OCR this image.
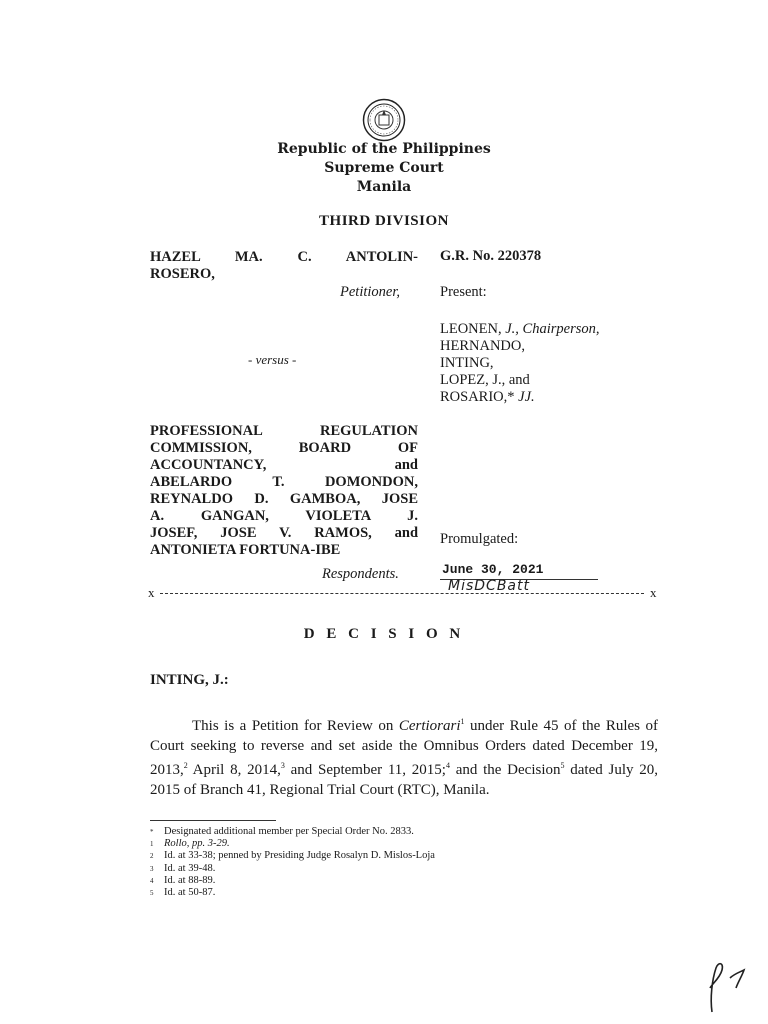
Republic of the Philippines
Supreme Court
Manila
THIRD DIVISION
HAZEL MA. C. ANTOLIN-
ROSERO,
Petitioner,
- versus -
PROFESSIONAL	REGULATION
COMMISSION,	BOARD	OF
ACCOUNTANCY,	and
ABELARDO	T.	DOMONDON,
REYNALDO D. GAMBOA, JOSE
A.	GANGAN,	VIOLETA	J.
JOSEF, JOSE V. RAMOS, and
ANTONIETA FORTUNA-IBE
Respondents.
G.R. No. 220378
Present:
LEONEN, J., Chairperson,
HERNANDO,
INTING,
LOPEZ, J., and
ROSARIO,* JJ.
Promulgated:
June 30, 2021
MisDCBatt
x	x
D E C I S I O N
INTING, J.:
This is a Petition for Review on Certiorari$^1$ under Rule 45 of the Rules of Court seeking to reverse and set aside the Omnibus Orders dated December 19, 2013,$^2$ April 8, 2014,$^3$ and September 11, 2015;$^4$ and the Decision$^5$ dated July 20, 2015 of Branch 41, Regional Trial Court (RTC), Manila.
*	Designated additional member per Special Order No. 2833.
1	Rollo, pp. 3-29.
2	Id. at 33-38; penned by Presiding Judge Rosalyn D. Mislos-Loja
3	Id. at 39-48.
4	Id. at 88-89.
5	Id. at 50-87.
